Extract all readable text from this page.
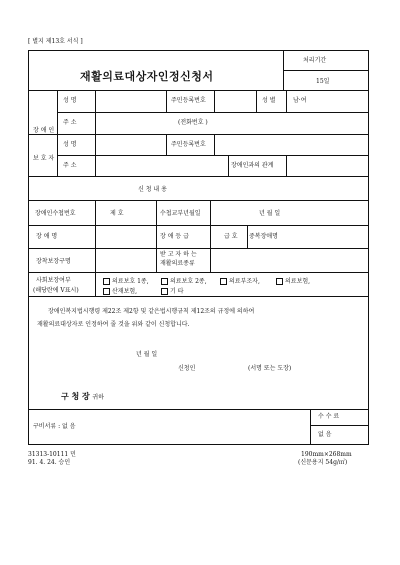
[ 별지 제13호 서식 ]
재활의료대상자인정신청서
처리기간
15일
장 애 인
성 명	주민등록번호	성 별	남·여
주 소	(전화번호 )
보 호 자
성 명	주민등록번호
주 소	장애인과의 관계
신 청 내 용
장애인수첩번호	제 호	수첩교부년월일	년 월 일
장 애 명	장 애 등 급	급 호 중복장애명
장착보장구명
받 고 자 하 는
재활의료종류
사회보장여부
(해당란에 V표시)
의료보호 1종,	의료보호 2종,	의료부조자,	의료보험,
산재보험,	기 타
장애인복지법시행령 제22조 제2항 및 같은법시행규칙 제12조의 규정에 의하여
재활의료대상자로 인정하여 줄 것을 위와 같이 신청합니다.
년 월 일
신청인	(서명 또는 도장)
구 청 장 귀하
구비서류 : 없 음
수 수 료
없 음
31313-10111 민
91. 4. 24. 승인
190mm×268mm
(신문용지 54g/㎡)
